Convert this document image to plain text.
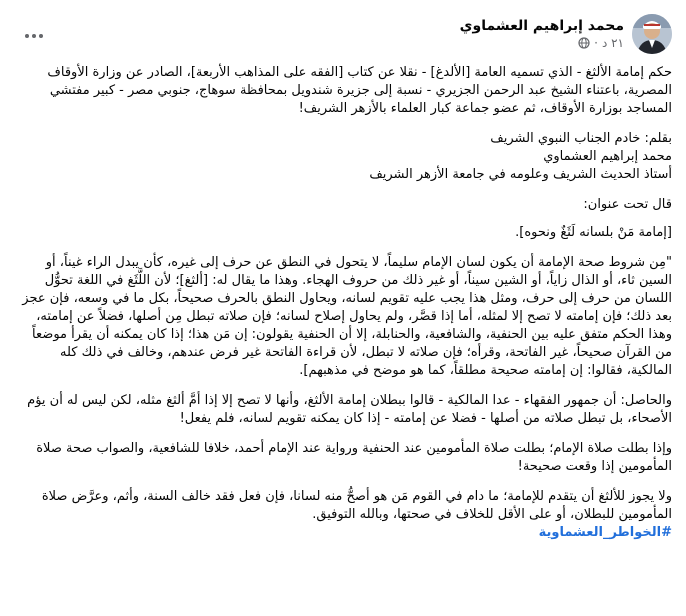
محمد إبراهيم العشماوي
٢١ د
·

حكم إمامة الألثغ - الذي تسميه العامة [الألدغ] - نقلا عن كتاب [الفقه على المذاهب الأربعة]، الصادر عن وزارة الأوقاف المصرية، باعتناء الشيخ عبد الرحمن الجزيري - نسبة إلى جزيرة شندويل بمحافظة سوهاج، جنوبي مصر - كبير مفتشي المساجد بوزارة الأوقاف، ثم عضو جماعة كبار العلماء بالأزهر الشريف!

بقلم: خادم الجناب النبوي الشريف
محمد إبراهيم العشماوي
أستاذ الحديث الشريف وعلومه في جامعة الأزهر الشريف

قال تحت عنوان:

[إمامة مَنْ بلسانه لَثَغٌ ونحوه].

"مِن شروط صحة الإمامة أن يكون لسان الإمام سليماً، لا يتحول في النطق عن حرف إلى غيره، كأن يبدل الراء غيناً، أو السين ثاء، أو الذال زاياً، أو الشين سيناً، أو غير ذلك من حروف الهجاء. وهذا ما يقال له: [ألثغ]؛ لأن اللَّثَغ في اللغة تحوُّل اللسان من حرف إلى حرف، ومثل هذا يجب عليه تقويم لسانه، ويحاول النطق بالحرف صحيحاً، بكل ما في وسعه، فإن عجز بعد ذلك؛ فإن إمامته لا تصح إلا لمثله، أما إذا قصَّر، ولم يحاول إصلاح لسانه؛ فإن صلاته تبطل مِن أصلها، فضلاً عن إمامته، وهذا الحكم متفق عليه بين الحنفية، والشافعية، والحنابلة، إلا أن الحنفية يقولون: إن مَن هذا؛ إذا كان يمكنه أن يقرأ موضعاً من القرآن صحيحاً، غير الفاتحة، وقرأه؛ فإن صلاته لا تبطل، لأن قراءة الفاتحة غير فرض عندهم، وخالف في ذلك كله المالكية، فقالوا: إن إمامته صحيحة مطلقاً، كما هو موضح في مذهبهم].

والحاصل: أن جمهور الفقهاء - عدا المالكية - قالوا ببطلان إمامة الألثغ، وأنها لا تصح إلا إذا أمَّ ألثغ مثله، لكن ليس له أن يؤم الأصحاء، بل تبطل صلاته من أصلها - فضلا عن إمامته - إذا كان يمكنه تقويم لسانه، فلم يفعل!

وإذا بطلت صلاة الإمام؛ بطلت صلاة المأمومين عند الحنفية ورواية عند الإمام أحمد، خلافا للشافعية، والصواب صحة صلاة المأمومين إذا وقعت صحيحة!

ولا يجوز للألثغ أن يتقدم للإمامة؛ ما دام في القوم مَن هو أصحُّ منه لسانا، فإن فعل فقد خالف السنة، وأثم، وعرَّض صلاة المأمومين للبطلان، أو على الأقل للخلاف في صحتها، وبالله التوفيق.
#الخواطر_العشماوية
